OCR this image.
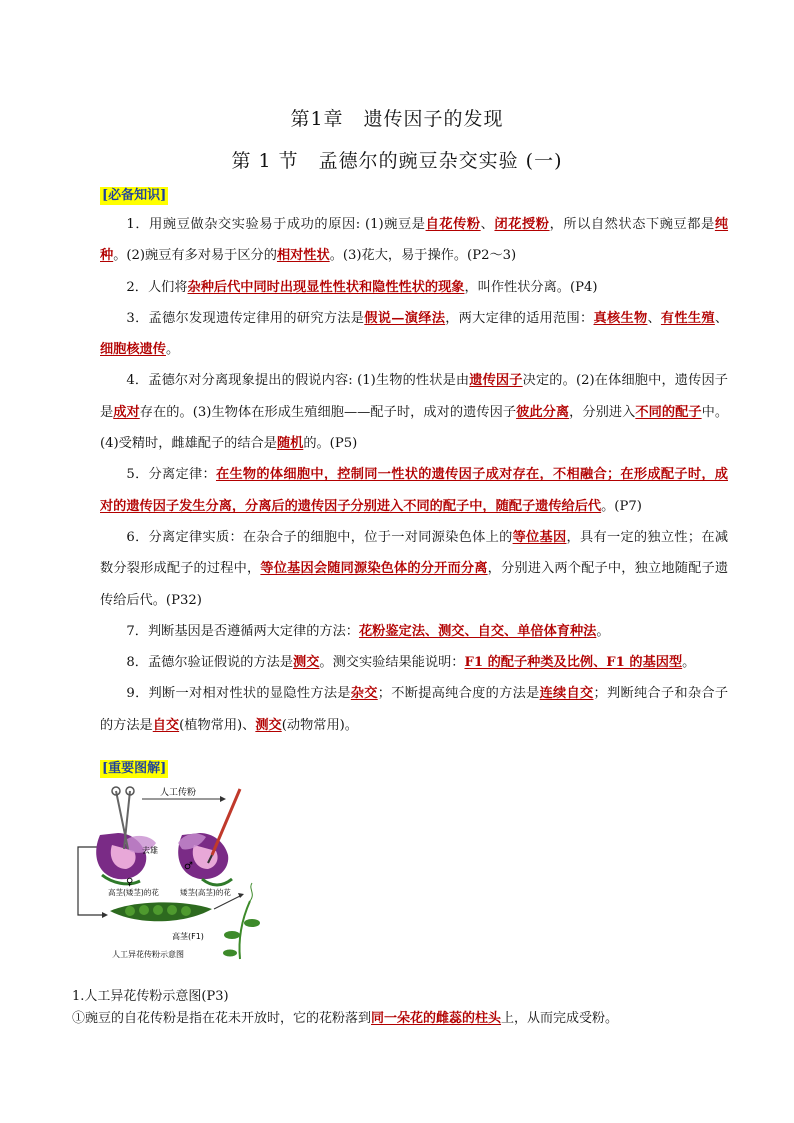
第1章　遗传因子的发现
第 1 节　孟德尔的豌豆杂交实验 (一)
[必备知识]

1．用豌豆做杂交实验易于成功的原因: (1)豌豆是自花传粉、闭花授粉，所以自然状态下豌豆都是纯种。(2)豌豆有多对易于区分的相对性状。(3)花大，易于操作。(P2～3)

2．人们将杂种后代中同时出现显性性状和隐性性状的现象，叫作性状分离。(P4)

3．孟德尔发现遗传定律用的研究方法是假说—演绎法，两大定律的适用范围：真核生物、有性生殖、细胞核遗传。

4．孟德尔对分离现象提出的假说内容: (1)生物的性状是由遗传因子决定的。(2)在体细胞中，遗传因子是成对存在的。(3)生物体在形成生殖细胞——配子时，成对的遗传因子彼此分离，分别进入不同的配子中。(4)受精时，雌雄配子的结合是随机的。(P5)

5．分离定律：在生物的体细胞中，控制同一性状的遗传因子成对存在，不相融合；在形成配子时，成对的遗传因子发生分离，分离后的遗传因子分别进入不同的配子中，随配子遗传给后代。(P7)

6．分离定律实质：在杂合子的细胞中，位于一对同源染色体上的等位基因，具有一定的独立性；在减数分裂形成配子的过程中，等位基因会随同源染色体的分开而分离，分别进入两个配子中，独立地随配子遗传给后代。(P32)

7．判断基因是否遵循两大定律的方法：花粉鉴定法、测交、自交、单倍体育种法。

8．孟德尔验证假说的方法是测交。测交实验结果能说明：F1 的配子种类及比例、F1 的基因型。

9．判断一对相对性状的显隐性方法是杂交；不断提高纯合度的方法是连续自交；判断纯合子和杂合子的方法是自交(植物常用)、测交(动物常用)。

[重要图解]
人工传粉
去雄
♀
♂
高茎(矮茎)的花	矮茎(高茎)的花
高茎(F1)
人工异花传粉示意图
1.人工异花传粉示意图(P3)
①豌豆的自花传粉是指在花未开放时，它的花粉落到同一朵花的雌蕊的柱头上，从而完成受粉。
